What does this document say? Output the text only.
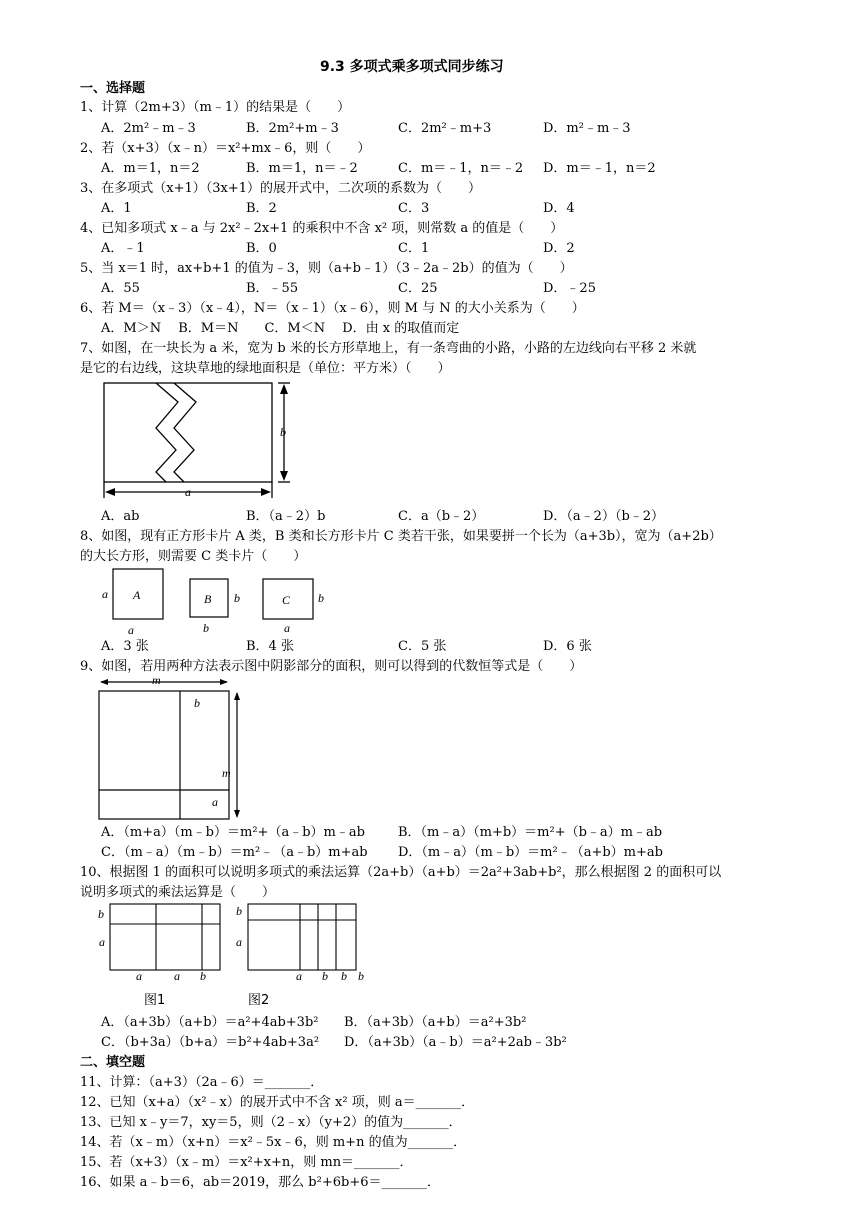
9.3 多项式乘多项式同步练习
一、选择题
1、计算（2m+3）（m﹣1）的结果是（　　）
A．2m²﹣m﹣3	B．2m²+m﹣3	C．2m²﹣m+3	D．m²﹣m﹣3
2、若（x+3）（x﹣n）＝x²+mx﹣6，则（　　）
A．m＝1，n＝2	B．m＝1，n＝﹣2	C．m＝﹣1，n＝﹣2 D．m＝﹣1，n＝2
3、在多项式（x+1）（3x+1）的展开式中，二次项的系数为（　　）
A．1	B．2	C．3	D．4
4、已知多项式 x﹣a 与 2x²﹣2x+1 的乘积中不含 x² 项，则常数 a 的值是（　　）
A．﹣1	B．0	C．1	D．2
5、当 x＝1 时，ax+b+1 的值为﹣3，则（a+b﹣1）（3﹣2a﹣2b）的值为（　　）
A．55	B．﹣55	C．25	D．﹣25
6、若 M＝（x﹣3）（x﹣4），N＝（x﹣1）（x﹣6），则 M 与 N 的大小关系为（　　）
A．M＞N　 B．M＝N　　C．M＜N　 D．由 x 的取值而定
7、如图，在一块长为 a 米，宽为 b 米的长方形草地上，有一条弯曲的小路，小路的左边线向右平移 2 米就
是它的右边线，这块草地的绿地面积是（单位：平方米）（　　）
b
a
A．ab	B．（a﹣2）b	C．a（b﹣2）	D．（a﹣2）（b﹣2）
8、如图，现有正方形卡片 A 类，B 类和长方形卡片 C 类若干张，如果要拼一个长为（a+3b），宽为（a+2b）
的大长方形，则需要 C 类卡片（　　）
A	B	C
a
a
b
b
b
a
A．3 张	B．4 张	C．5 张	D．6 张
9、如图，若用两种方法表示图中阴影部分的面积，则可以得到的代数恒等式是（　　）
m
b
m
a
A．（m+a）（m﹣b）＝m²+（a﹣b）m﹣ab	B．（m﹣a）（m+b）＝m²+（b﹣a）m﹣ab
C．（m﹣a）（m﹣b）＝m²﹣（a﹣b）m+ab D．（m﹣a）（m﹣b）＝m²﹣（a+b）m+ab
10、根据图 1 的面积可以说明多项式的乘法运算（2a+b）（a+b）＝2a²+3ab+b²，那么根据图 2 的面积可以
说明多项式的乘法运算是（　　）
b
a
a	a b
b
a
a b b b
图1	图2
A．（a+3b）（a+b）＝a²+4ab+3b² B．（a+3b）（a+b）＝a²+3b²
C．（b+3a）（b+a）＝b²+4ab+3a² D．（a+3b）（a﹣b）＝a²+2ab﹣3b²
二、填空题
11、计算：（a+3）（2a﹣6）＝_______．
12、已知（x+a）（x²﹣x）的展开式中不含 x² 项，则 a＝_______．
13、已知 x﹣y＝7，xy＝5，则（2﹣x）（y+2）的值为_______．
14、若（x﹣m）（x+n）＝x²﹣5x﹣6，则 m+n 的值为_______．
15、若（x+3）（x﹣m）＝x²+x+n，则 mn＝_______．
16、如果 a﹣b＝6，ab＝2019，那么 b²+6b+6＝_______．
